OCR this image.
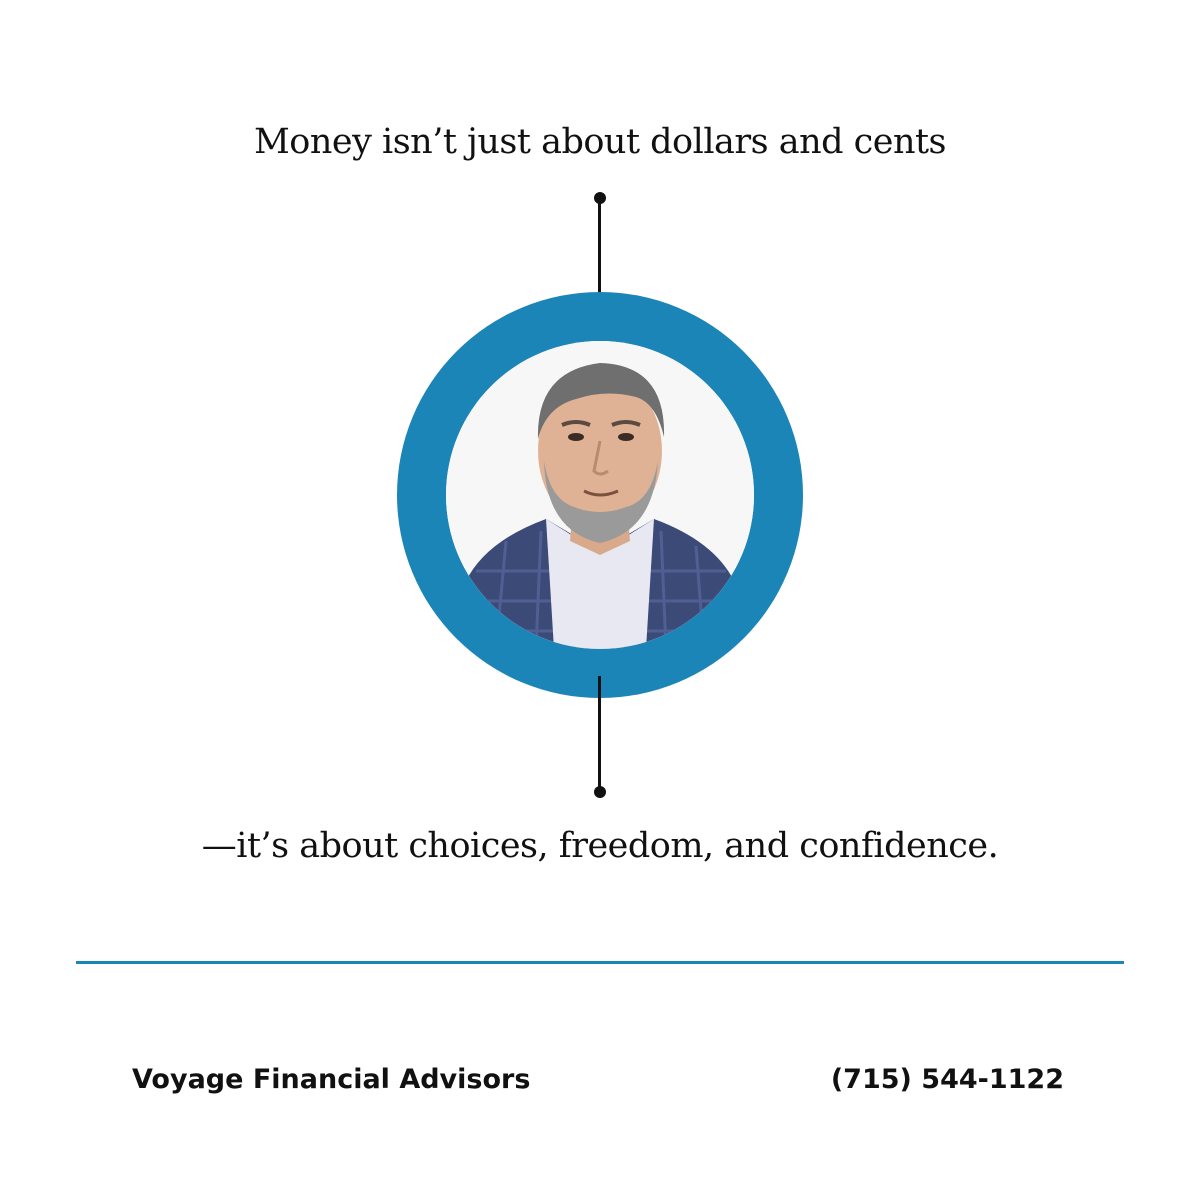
Money isn’t just about dollars and cents
—it’s about choices, freedom, and confidence.
Voyage Financial Advisors	(715) 544-1122
